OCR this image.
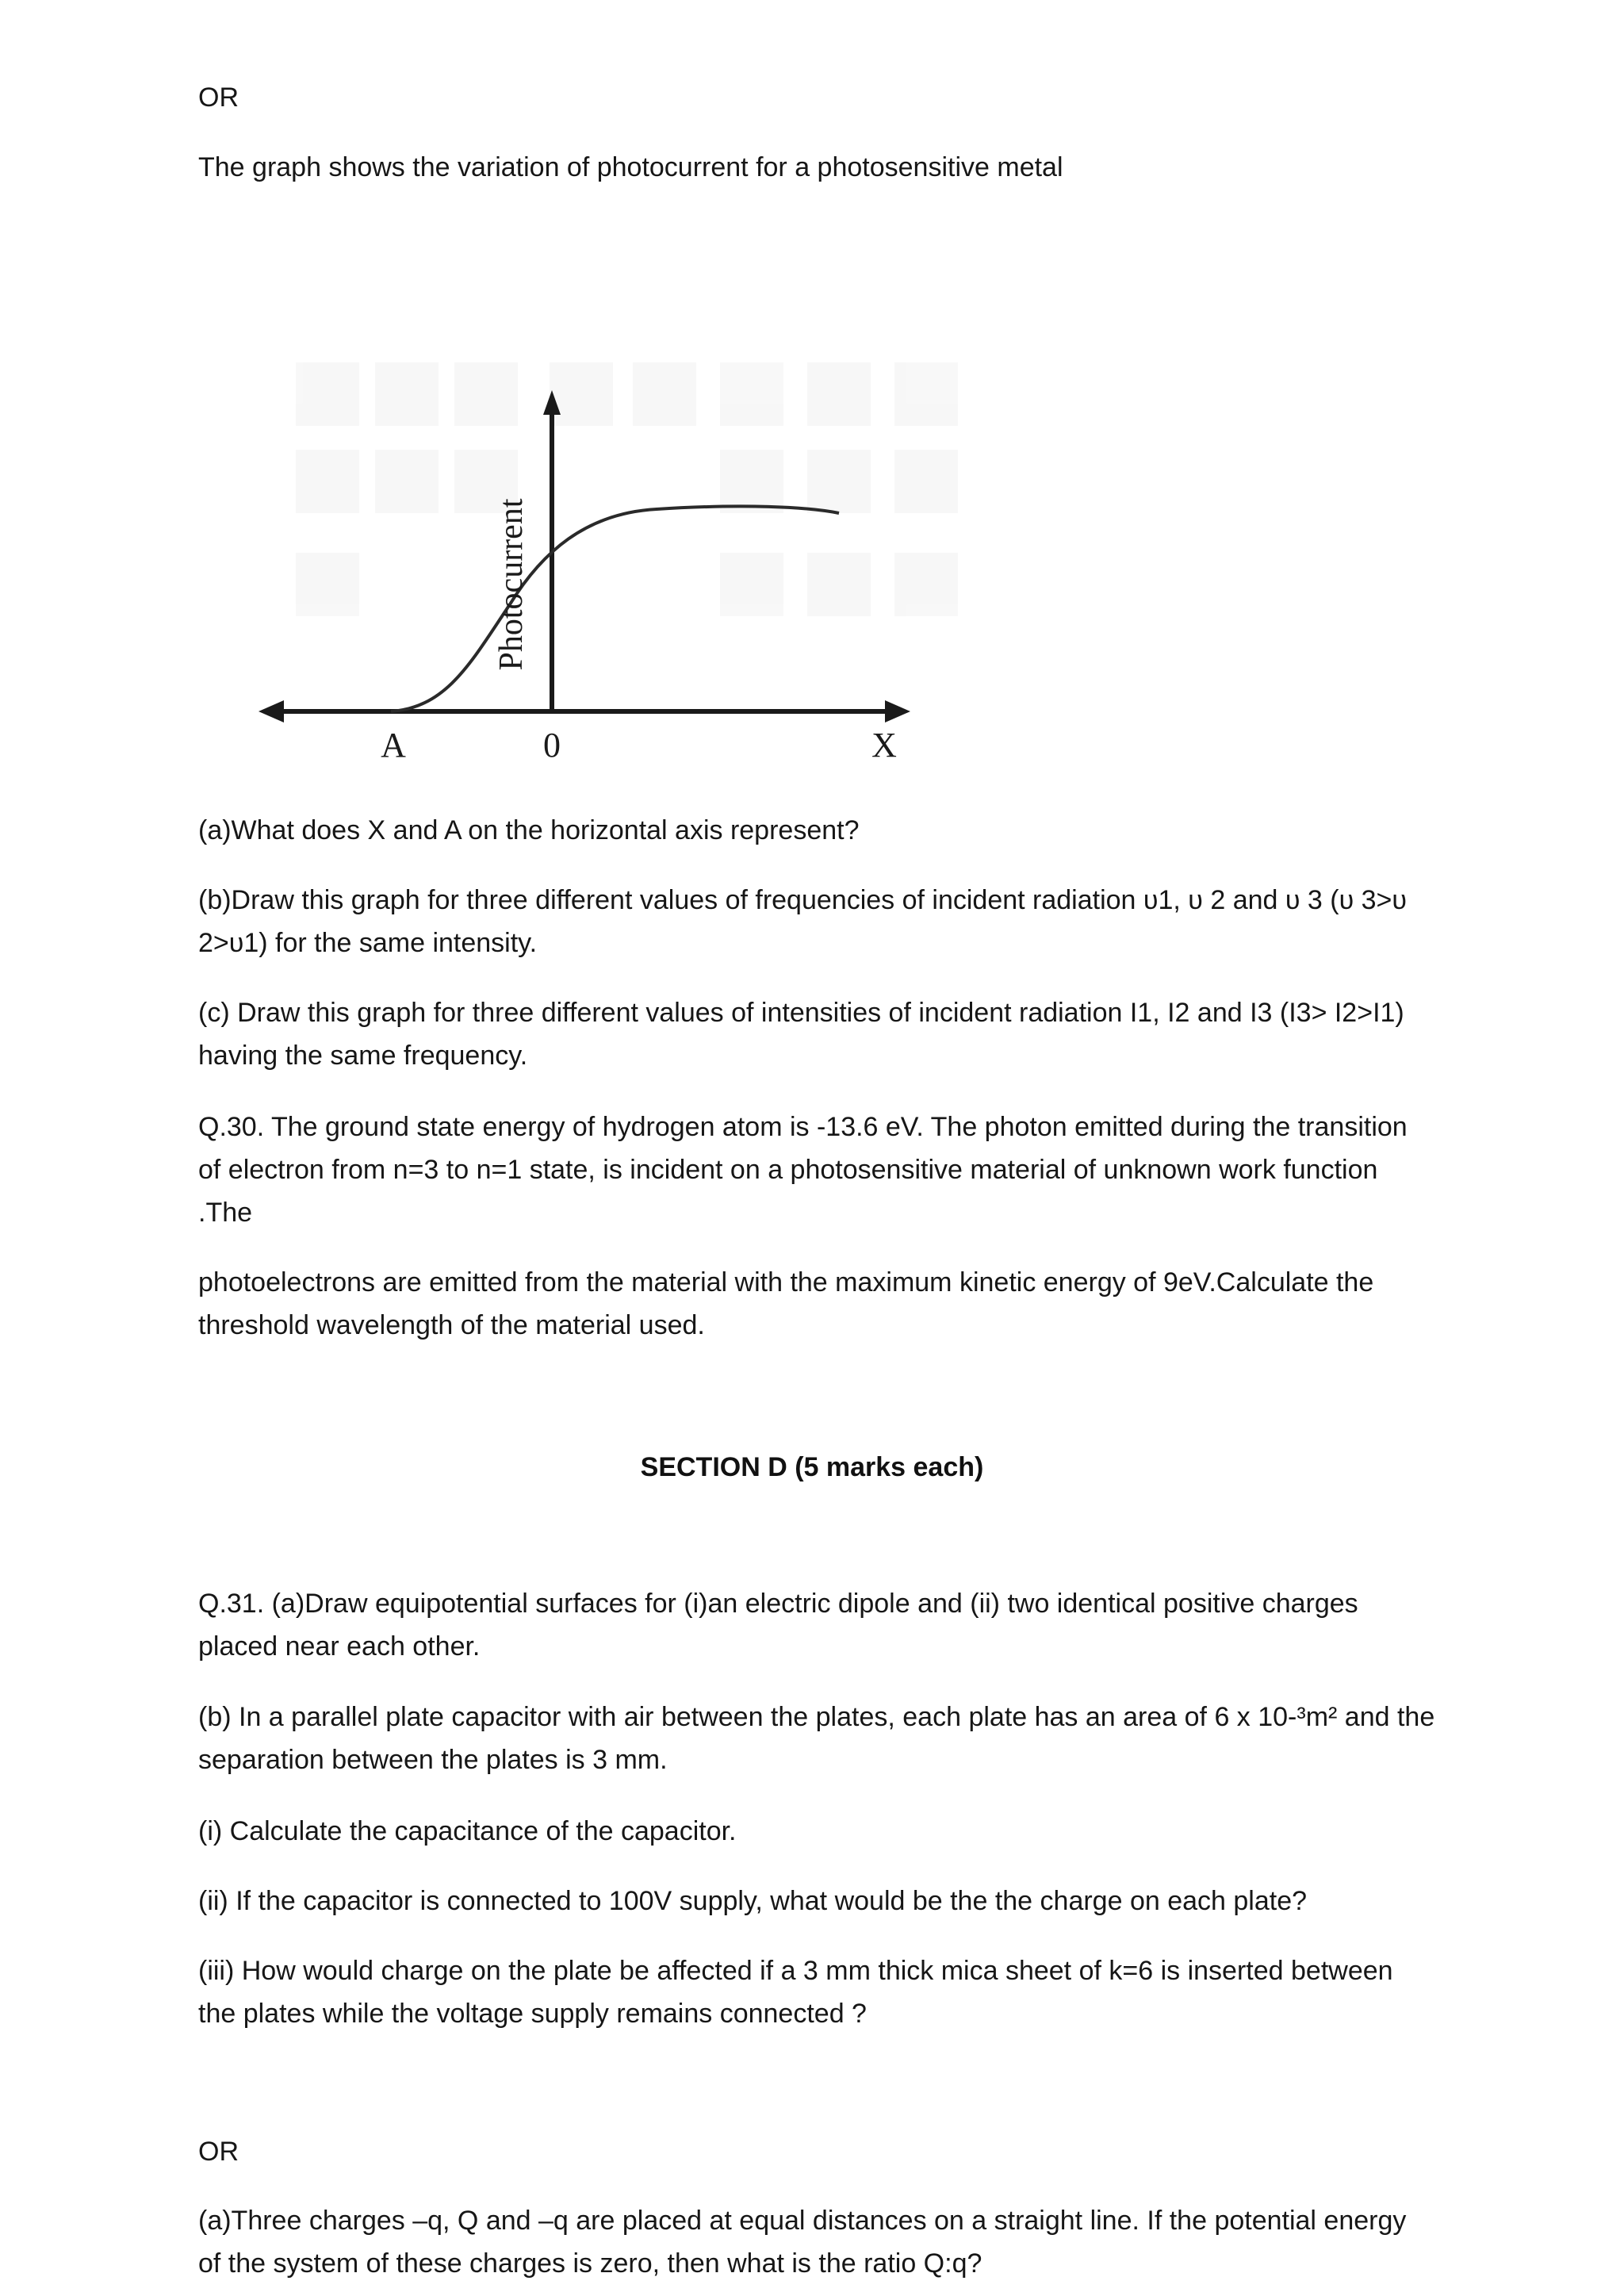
OR

The graph shows the variation of photocurrent for a photosensitive metal

Photocurrent
A	0	X

(a)What does X and A on the horizontal axis represent?

(b)Draw this graph for three different values of frequencies of incident radiation υ1, υ 2 and υ 3 (υ 3>υ 2>υ1) for the same intensity.

(c) Draw this graph for three different values of intensities of incident radiation I1, I2 and I3 (I3> I2>I1) having the same frequency.

Q.30. The ground state energy of hydrogen atom is -13.6 eV. The photon emitted during the transition of electron from n=3 to n=1 state, is incident on a photosensitive material of unknown work function .The

photoelectrons are emitted from the material with the maximum kinetic energy of 9eV.Calculate the threshold wavelength of the material used.

SECTION D (5 marks each)

Q.31. (a)Draw equipotential surfaces for (i)an electric dipole and (ii) two identical positive charges placed near each other.

(b) In a parallel plate capacitor with air between the plates, each plate has an area of 6 x 10-³m² and the separation between the plates is 3 mm.

(i) Calculate the capacitance of the capacitor.

(ii) If the capacitor is connected to 100V supply, what would be the the charge on each plate?

(iii) How would charge on the plate be affected if a 3 mm thick mica sheet of k=6 is inserted between the plates while the voltage supply remains connected ?

OR

(a)Three charges –q, Q and –q are placed at equal distances on a straight line. If the potential energy of the system of these charges is zero, then what is the ratio Q:q?
